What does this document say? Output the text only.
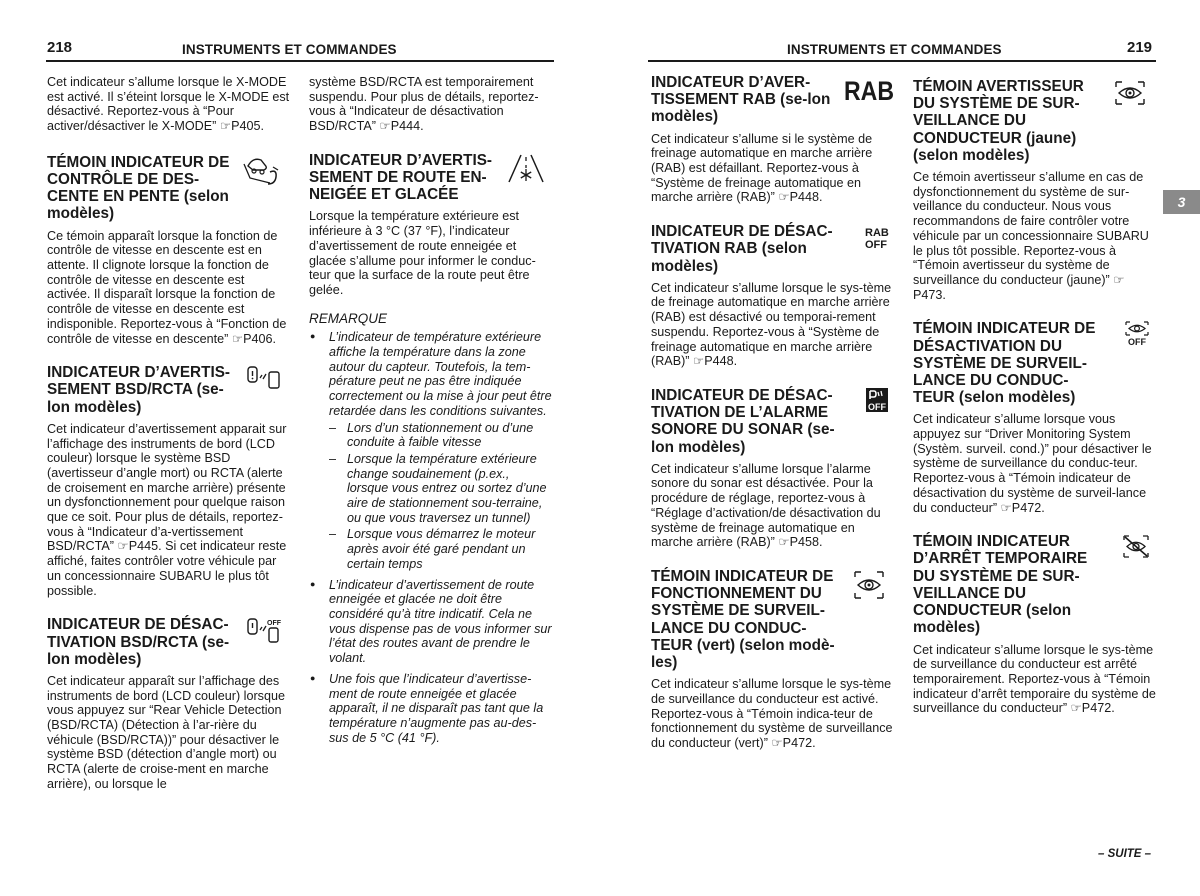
218	INSTRUMENTS ET COMMANDES	INSTRUMENTS ET COMMANDES	219
3
– SUITE –

Cet indicateur s’allume lorsque le X-MODE est activé. Il s’éteint lorsque le X-MODE est désactivé. Reportez-vous à “Pour activer/désactiver le X-MODE” ☞P405.

TÉMOIN INDICATEUR DE CONTRÔLE DE DES-CENTE EN PENTE (selon modèles)

Ce témoin apparaît lorsque la fonction de contrôle de vitesse en descente est en attente. Il clignote lorsque la fonction de contrôle de vitesse en descente est activée. Il disparaît lorsque la fonction de contrôle de vitesse en descente est indisponible. Reportez-vous à “Fonction de contrôle de vitesse en descente” ☞P406.

INDICATEUR D’AVERTIS-SEMENT BSD/RCTA (se-lon modèles)

Cet indicateur d’avertissement apparait sur l’affichage des instruments de bord (LCD couleur) lorsque le système BSD (avertisseur d’angle mort) ou RCTA (alerte de croisement en marche arrière) présente un dysfonctionnement pour quelque raison que ce soit. Pour plus de détails, reportez-vous à “Indicateur d’a-vertissement BSD/RCTA” ☞P445. Si cet indicateur reste affiché, faites contrôler votre véhicule par un concessionnaire SUBARU le plus tôt possible.

INDICATEUR DE DÉSAC-TIVATION BSD/RCTA (se-lon modèles)
OFF

Cet indicateur apparaît sur l’affichage des instruments de bord (LCD couleur) lorsque vous appuyez sur “Rear Vehicle Detection (BSD/RCTA) (Détection à l’ar-rière du véhicule (BSD/RCTA))” pour désactiver le système BSD (détection d’angle mort) ou RCTA (alerte de croise-ment en marche arrière), ou lorsque le

système BSD/RCTA est temporairement suspendu. Pour plus de détails, reportez-vous à “Indicateur de désactivation BSD/RCTA” ☞P444.

INDICATEUR D’AVERTIS-SEMENT DE ROUTE EN-NEIGÉE ET GLACÉE

Lorsque la température extérieure est inférieure à 3 °C (37 °F), l’indicateur d’avertissement de route enneigée et glacée s’allume pour informer le conduc-teur que la surface de la route peut être gelée.

REMARQUE
● L’indicateur de température extérieure affiche la température dans la zone autour du capteur. Toutefois, la tem-pérature peut ne pas être indiquée correctement ou la mise à jour peut être retardée dans les conditions suivantes.
– Lors d’un stationnement ou d’une conduite à faible vitesse
– Lorsque la température extérieure change soudainement (p.ex., lorsque vous entrez ou sortez d’une aire de stationnement sou-terraine, ou que vous traversez un tunnel)
– Lorsque vous démarrez le moteur après avoir été garé pendant un certain temps
● L’indicateur d’avertissement de route enneigée et glacée ne doit être considéré qu’à titre indicatif. Cela ne vous dispense pas de vous informer sur l’état des routes avant de prendre le volant.
● Une fois que l’indicateur d’avertisse-ment de route enneigée et glacée apparaît, il ne disparaît pas tant que la température n’augmente pas au-des-sus de 5 °C (41 °F).
INDICATEUR D’AVER-TISSEMENT RAB (se-lon modèles)
RAB

Cet indicateur s’allume si le système de freinage automatique en marche arrière (RAB) est défaillant. Reportez-vous à “Système de freinage automatique en marche arrière (RAB)” ☞P448.

INDICATEUR DE DÉSAC-TIVATION RAB (selon modèles)
RAB OFF

Cet indicateur s’allume lorsque le sys-tème de freinage automatique en marche arrière (RAB) est désactivé ou temporai-rement suspendu. Reportez-vous à “Système de freinage automatique en marche arrière (RAB)” ☞P448.

INDICATEUR DE DÉSAC-TIVATION DE L’ALARME SONORE DU SONAR (se-lon modèles)
OFF

Cet indicateur s’allume lorsque l’alarme sonore du sonar est désactivée. Pour la procédure de réglage, reportez-vous à “Réglage d’activation/de désactivation du système de freinage automatique en marche arrière (RAB)” ☞P458.

TÉMOIN INDICATEUR DE FONCTIONNEMENT DU SYSTÈME DE SURVEIL-LANCE DU CONDUC-TEUR (vert) (selon modè-les)

Cet indicateur s’allume lorsque le sys-tème de surveillance du conducteur est activé. Reportez-vous à “Témoin indica-teur de fonctionnement du système de surveillance du conducteur (vert)” ☞P472.

TÉMOIN AVERTISSEUR DU SYSTÈME DE SUR-VEILLANCE DU CONDUCTEUR (jaune) (selon modèles)

Ce témoin avertisseur s’allume en cas de dysfonctionnement du système de sur-veillance du conducteur. Nous vous recommandons de faire contrôler votre véhicule par un concessionnaire SUBARU le plus tôt possible. Reportez-vous à “Témoin avertisseur du système de surveillance du conducteur (jaune)” ☞P473.

TÉMOIN INDICATEUR DE DÉSACTIVATION DU SYSTÈME DE SURVEIL-LANCE DU CONDUC-TEUR (selon modèles)
OFF

Cet indicateur s’allume lorsque vous appuyez sur “Driver Monitoring System (Systèm. surveil. cond.)” pour désactiver le système de surveillance du conduc-teur. Reportez-vous à “Témoin indicateur de désactivation du système de surveil-lance du conducteur” ☞P472.

TÉMOIN INDICATEUR D’ARRÊT TEMPORAIRE DU SYSTÈME DE SUR-VEILLANCE DU CONDUCTEUR (selon modèles)

Cet indicateur s’allume lorsque le sys-tème de surveillance du conducteur est arrêté temporairement. Reportez-vous à “Témoin indicateur d’arrêt temporaire du système de surveillance du conducteur” ☞P472.
